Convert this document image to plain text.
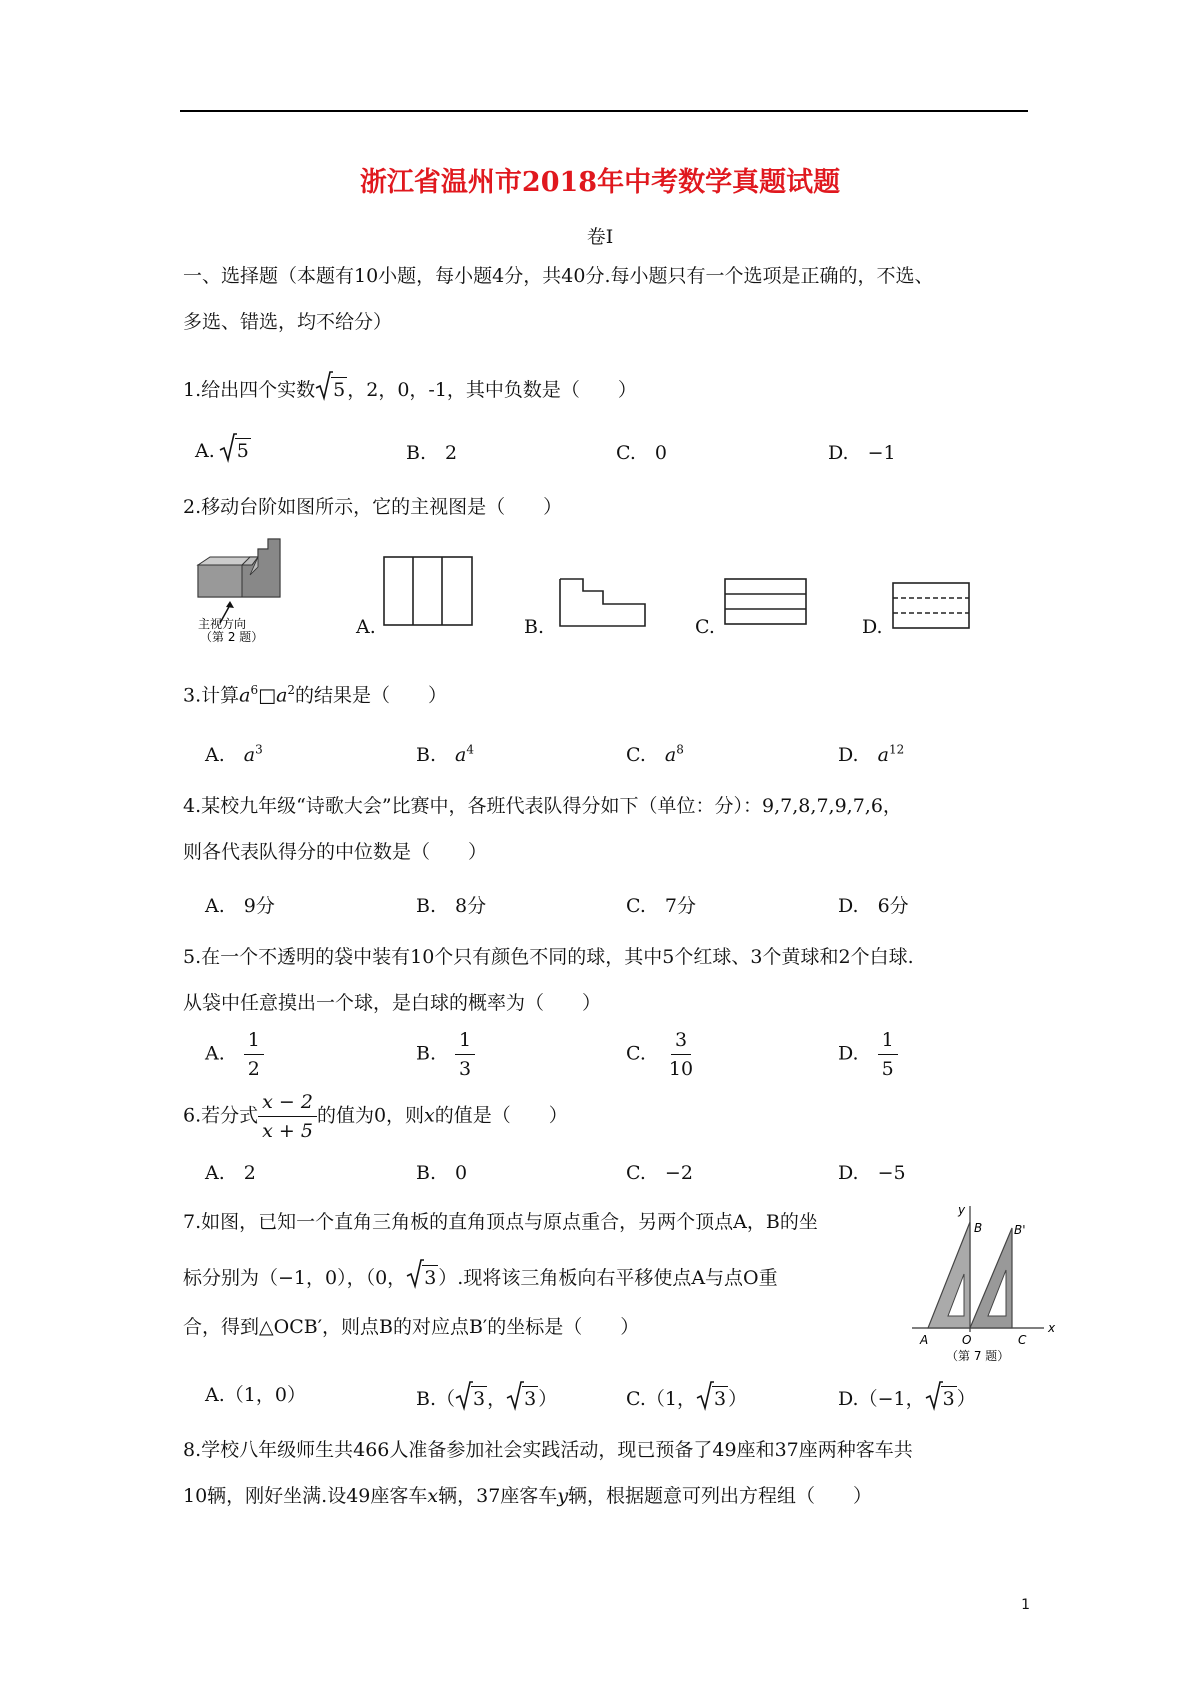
浙江省温州市2018年中考数学真题试题
卷Ⅰ
一、选择题（本题有10小题，每小题4分，共40分.每小题只有一个选项是正确的，不选、
多选、错选，均不给分）
1.给出四个实数 5 ，2，0，-1，其中负数是（　　）
A. 5	B.　2	C.　0	D.　−1
2.移动台阶如图所示，它的主视图是（　　）
主视方向
（第 2 题）	A.	B.	C.	D.
3.计算$a^6□a^2$的结果是（　　）
A.　 $a^3$	B.　 $a^4$	C.　 $a^8$	D.　 $a^{12}$
4.某校九年级“诗歌大会”比赛中，各班代表队得分如下（单位：分）：9,7,8,7,9,7,6，
则各代表队得分的中位数是（　　）
A.　9分	B.　8分	C.　7分	D.　6分
5.在一个不透明的袋中装有10个只有颜色不同的球，其中5个红球、3个黄球和2个白球.
从袋中任意摸出一个球，是白球的概率为（　　）
A.　 $\frac{1}{2}$	B.　 $\frac{1}{3}$	C.　 $\frac{3}{10}$	D.　 $\frac{1}{5}$
6.若分式 $\frac{x - 2}{x + 5}$ 的值为0，则x的值是（　　）
A.　2	B.　0	C.　−2	D.　−5
7.如图，已知一个直角三角板的直角顶点与原点重合，另两个顶点A，B的坐
标分别为（−1，0），（0， 3 ）.现将该三角板向右平移使点A与点O重
合，得到△OCB′，则点B的对应点B′的坐标是（　　）
y
x
B	B'
A	O	C
（第 7 题）
A.（1，0）	B.（ 3 ， 3 ）	C.（1， 3 ）	D.（−1， 3 ）
8.学校八年级师生共466人准备参加社会实践活动，现已预备了49座和37座两种客车共
10辆，刚好坐满.设49座客车x辆，37座客车y辆，根据题意可列出方程组（　　）
1
